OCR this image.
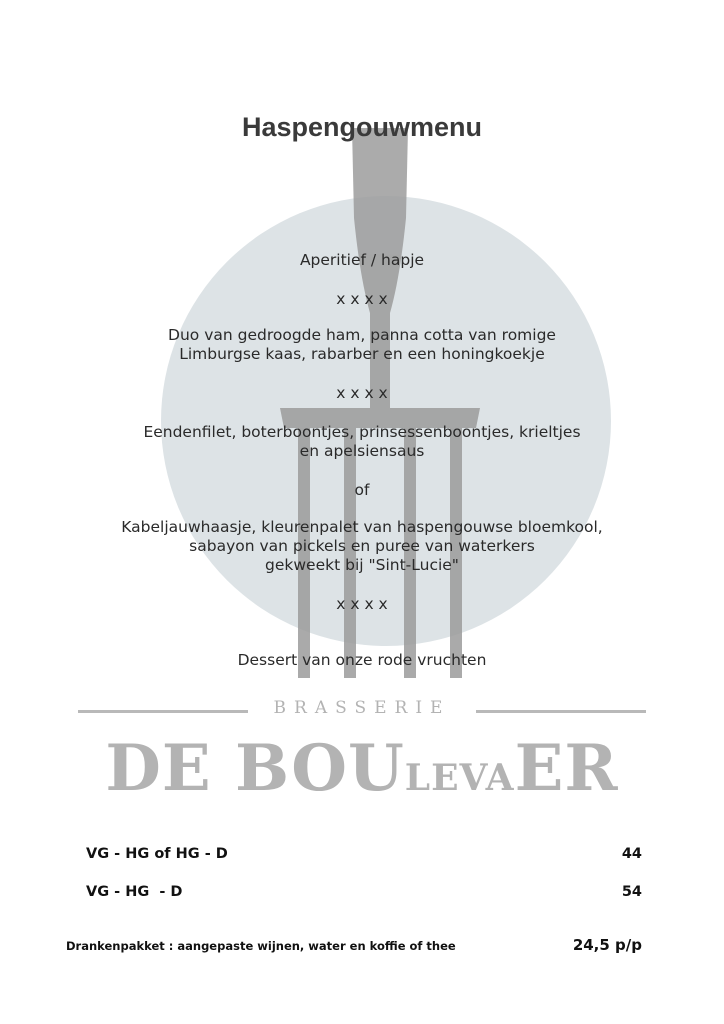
Haspengouwmenu

Aperitief / hapje

x x x x

Duo van gedroogde ham, panna cotta van romige

Limburgse kaas, rabarber en een honingkoekje

x x x x

Eendenfilet, boterboontjes, prinsessenboontjes, krieltjes

en apelsiensaus

of

Kabeljauwhaasje, kleurenpalet van haspengouwse bloemkool,

sabayon van pickels en puree van waterkers

gekweekt bij "Sint-Lucie"

x x x x

Dessert van onze rode vruchten

BRASSERIE
DE BOULEVAER
VG - HG of HG - D	44
VG - HG  - D	54
Drankenpakket : aangepaste wijnen, water en koffie of thee	24,5 p/p
